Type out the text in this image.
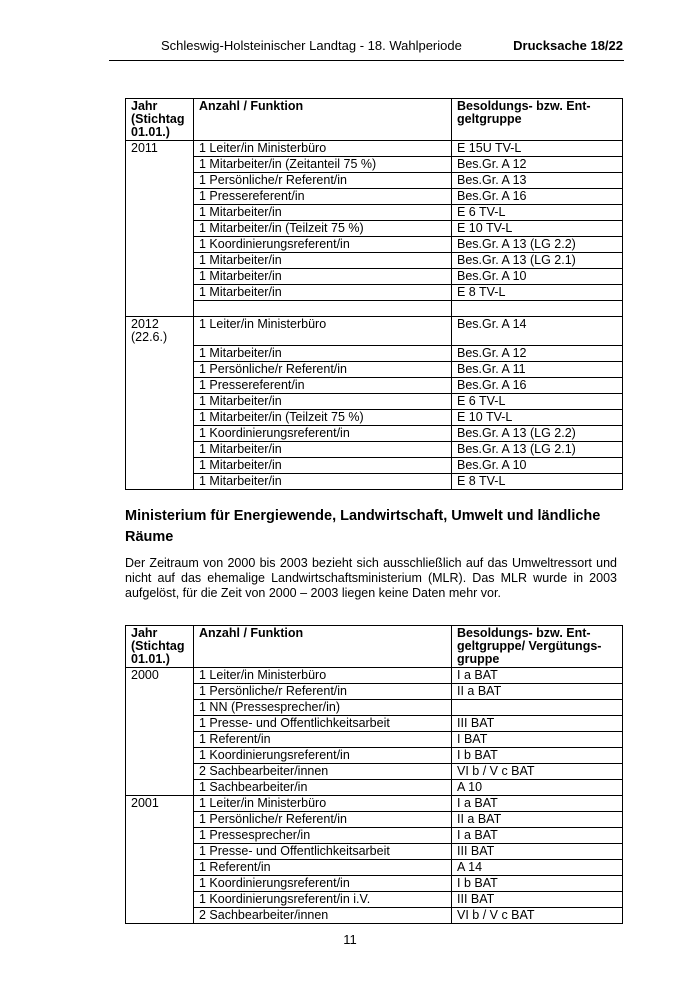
Schleswig-Holsteinischer Landtag - 18. Wahlperiode	Drucksache 18/22
Jahr (Stichtag 01.01.)	Anzahl / Funktion	Besoldungs- bzw. Ent-geltgruppe
2011	1 Leiter/in Ministerbüro	E 15U TV-L
	1 Mitarbeiter/in (Zeitanteil 75 %)	Bes.Gr. A 12
	1 Persönliche/r Referent/in	Bes.Gr. A 13
	1 Pressereferent/in	Bes.Gr. A 16
	1 Mitarbeiter/in	E 6 TV-L
	1 Mitarbeiter/in (Teilzeit 75 %)	E 10 TV-L
	1 Koordinierungsreferent/in	Bes.Gr. A 13 (LG 2.2)
	1 Mitarbeiter/in	Bes.Gr. A 13 (LG 2.1)
	1 Mitarbeiter/in	Bes.Gr. A 10
	1 Mitarbeiter/in	E 8 TV-L

2012 (22.6.)	1 Leiter/in Ministerbüro	Bes.Gr. A 14
	1 Mitarbeiter/in	Bes.Gr. A 12
	1 Persönliche/r Referent/in	Bes.Gr. A 11
	1 Pressereferent/in	Bes.Gr. A 16
	1 Mitarbeiter/in	E 6 TV-L
	1 Mitarbeiter/in (Teilzeit 75 %)	E 10 TV-L
	1 Koordinierungsreferent/in	Bes.Gr. A 13 (LG 2.2)
	1 Mitarbeiter/in	Bes.Gr. A 13 (LG 2.1)
	1 Mitarbeiter/in	Bes.Gr. A 10
	1 Mitarbeiter/in	E 8 TV-L
Ministerium für Energiewende, Landwirtschaft, Umwelt und ländliche Räume
Der Zeitraum von 2000 bis 2003 bezieht sich ausschließlich auf das Umweltressort und nicht auf das ehemalige Landwirtschaftsministerium (MLR). Das MLR wurde in 2003 aufgelöst, für die Zeit von 2000 – 2003 liegen keine Daten mehr vor.
Jahr (Stichtag 01.01.)	Anzahl / Funktion	Besoldungs- bzw. Ent-geltgruppe/ Vergütungs-gruppe
2000	1 Leiter/in Ministerbüro	I a BAT
	1 Persönliche/r Referent/in	II a BAT
	1 NN (Pressesprecher/in)	
	1 Presse- und Offentlichkeitsarbeit	III BAT
	1 Referent/in	I BAT
	1 Koordinierungsreferent/in	I b BAT
	2 Sachbearbeiter/innen	VI b / V c BAT
	1 Sachbearbeiter/in	A 10
2001	1 Leiter/in Ministerbüro	I a BAT
	1 Persönliche/r Referent/in	II a BAT
	1 Pressesprecher/in	I a BAT
	1 Presse- und Offentlichkeitsarbeit	III BAT
	1 Referent/in	A 14
	1 Koordinierungsreferent/in	I b BAT
	1 Koordinierungsreferent/in i.V.	III BAT
	2 Sachbearbeiter/innen	VI b / V c BAT
11
